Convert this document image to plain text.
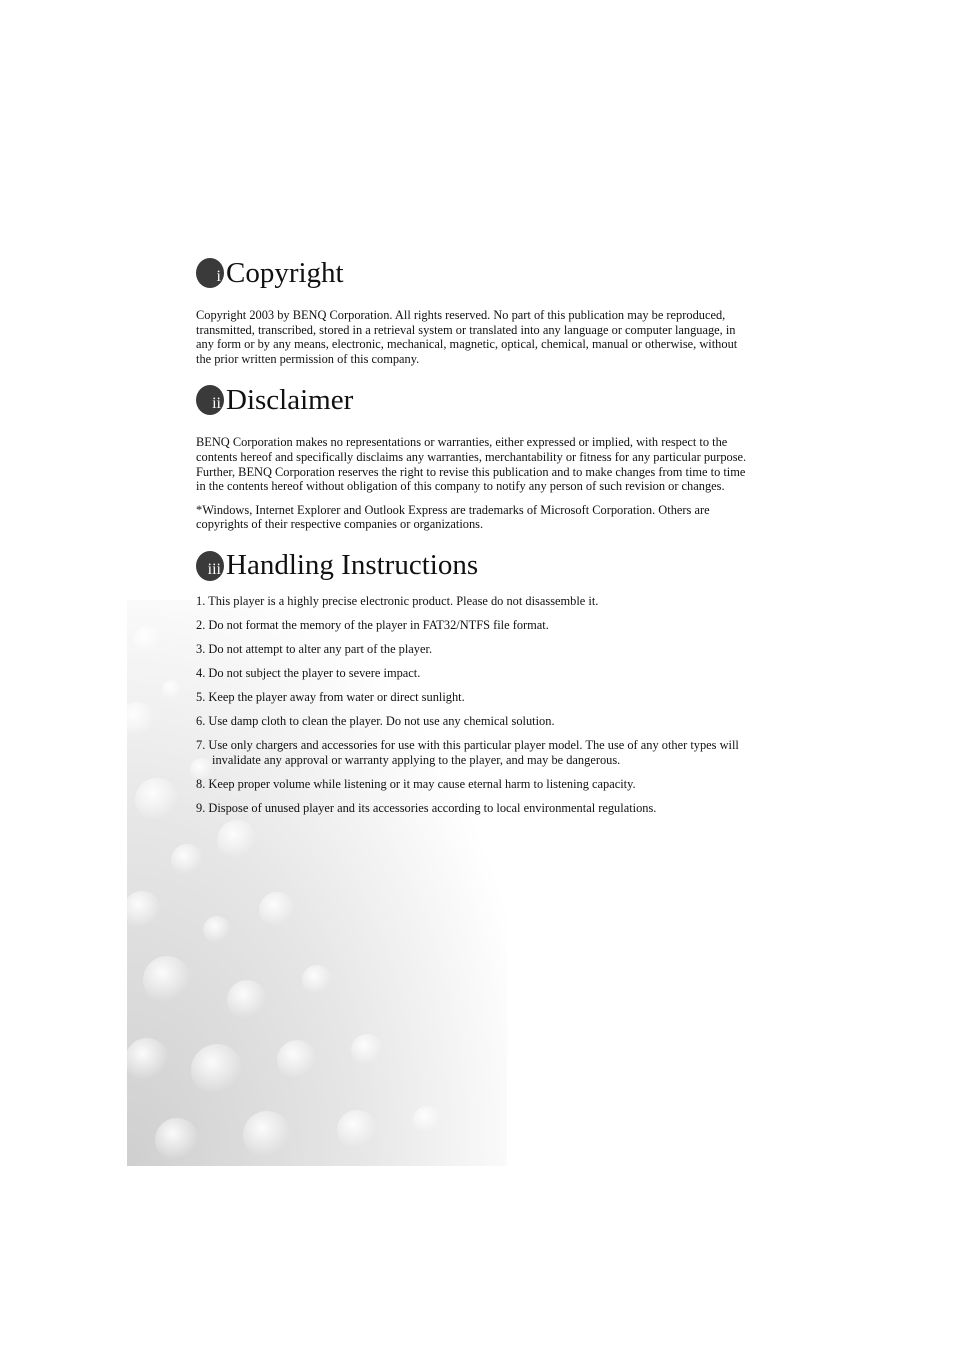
i Copyright

Copyright 2003 by BENQ Corporation. All rights reserved. No part of this publication may be reproduced, transmitted, transcribed, stored in a retrieval system or translated into any language or computer language, in any form or by any means, electronic, mechanical, magnetic, optical, chemical, manual or otherwise, without the prior written permission of this company.

ii Disclaimer

BENQ Corporation makes no representations or warranties, either expressed or implied, with respect to the contents hereof and specifically disclaims any warranties, merchantability or fitness for any particular purpose. Further, BENQ Corporation reserves the right to revise this publication and to make changes from time to time in the contents hereof without obligation of this company to notify any person of such revision or changes.

*Windows, Internet Explorer and Outlook Express are trademarks of Microsoft Corporation. Others are copyrights of their respective companies or organizations.

iii Handling Instructions
1. This player is a highly precise electronic product. Please do not disassemble it.
2. Do not format the memory of the player in FAT32/NTFS file format.
3. Do not attempt to alter any part of the player.
4. Do not subject the player to severe impact.
5. Keep the player away from water or direct sunlight.
6. Use damp cloth to clean the player. Do not use any chemical solution.
7. Use only chargers and accessories for use with this particular player model. The use of any other types will invalidate any approval or warranty applying to the player, and may be dangerous.
8. Keep proper volume while listening or it may cause eternal harm to listening capacity.
9. Dispose of unused player and its accessories according to local environmental regulations.
